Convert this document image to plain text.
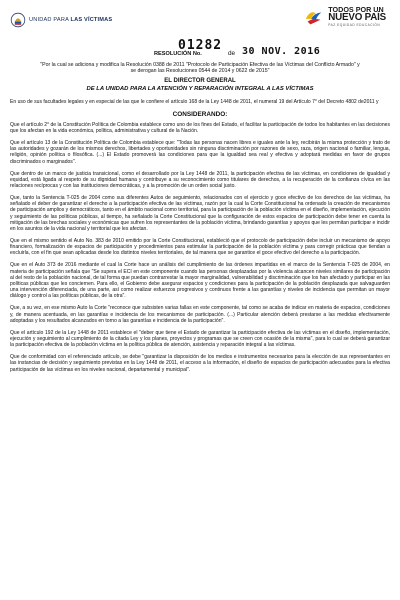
UNIDAD PARA LAS VÍCTIMAS
TODOS POR UN
NUEVO PAÍS
PAZ EQUIDAD EDUCACIÓN
01282
RESOLUCIÓN No.	de 30 NOV. 2016

"Por la cual se adiciona y modifica la Resolución 0388 de 2011 "Protocolo de Participación Efectiva de las Víctimas del Conflicto Armado" y se derogan las Resoluciones 0544 de 2014 y 0622 de 2015"

EL DIRECTOR GENERAL
DE LA UNIDAD PARA LA ATENCIÓN Y REPARACIÓN INTEGRAL A LAS VÍCTIMAS

En uso de sus facultades legales y en especial de las que le confiere el artículo 168 de la Ley 1448 de 2011, el numeral 19 del Artículo 7° del Decreto 4802 de2011 y

CONSIDERANDO:

Que el artículo 2° de la Constitución Política de Colombia establece como uno de los fines del Estado, el facilitar la participación de todos los habitantes en las decisiones que los afectan en la vida económica, política, administrativa y cultural de la Nación.

Que el artículo 13 de la Constitución Política de Colombia establece que: "Todas las personas nacen libres e iguales ante la ley, recibirán la misma protección y trato de las autoridades y gozarán de los mismos derechos, libertades y oportunidades sin ninguna discriminación por razones de sexo, raza, origen nacional o familiar, lengua, religión, opinión política o filosófica. (...) El Estado promoverá las condiciones para que la igualdad sea real y efectiva y adoptará medidas en favor de grupos discriminados o marginados".

Que dentro de un marco de justicia transicional, como el desarrollado por la Ley 1448 de 2011, la participación efectiva de las víctimas, en condiciones de igualdad y equidad, está ligada al respeto de su dignidad humana y contribuye a su reconocimiento como titulares de derechos, a la recuperación de la confianza cívica en las relaciones recíprocas y con las instituciones democráticas, y a la promoción de un orden social justo.

Que, tanto la Sentencia T-025 de 2004 como sus diferentes Autos de seguimiento, relacionados con el ejercicio y goce efectivo de los derechos de las víctimas, ha señalado el deber de garantizar el derecho a la participación efectiva de las víctimas, razón por la cual la Corte Constitucional ha ordenado la creación de mecanismos de participación amplios y democráticos, tanto en el ámbito nacional como territorial, para la participación de la población víctima en el diseño, implementación, ejecución y seguimiento de las políticas públicas, al tiempo, ha señalado la Corte Constitucional que la configuración de estos espacios de participación debe tener en cuenta la mitigación de las brechas sociales y económicas que sufren los representantes de la población víctima, brindando garantías y apoyos que les permitan participar e incidir en los asuntos de la vida nacional y territorial que les afectan.

Que en el mismo sentido el Auto No. 383 de 2010 emitido por la Corte Constitucional, estableció que el protocolo de participación debe incluir un mecanismo de apoyo financiero, formalización de espacios de participación y procedimientos para estimular la participación de la población víctima y para corregir prácticas que tiendan a excluirla, con el fin que sean aplicadas desde los distintos niveles territoriales, de tal manera que se garantice el goce efectivo del derecho a la participación.

Que en el Auto 373 de 2016 mediante el cual la Corte hace un análisis del cumplimiento de las órdenes impartidas en el marco de la Sentencia T-025 de 2004, en materia de participación señala que "Se supera el ECI en este componente cuando las personas desplazadas por la violencia alcancen niveles similares de participación al del resto de la población nacional, de tal forma que puedan contrarrestar la mayor marginalidad, vulnerabilidad y discriminación que los han afectado y participar en las políticas públicas que les conciernen. Para ello, el Gobierno debe asegurar espacios y condiciones para la participación de la población desplazada que salvaguarden una intervención diferenciada, de una parte, así como realizar esfuerzos progresivos y continuos frente a las garantías y niveles de incidencia que permitan un mayor diálogo y control a las políticas públicas, de la otra".

Que, a su vez, en ese mismo Auto la Corte "reconoce que subsisten varias fallas en este componente, tal como se acaba de indicar en materia de espacios, condiciones y, de manera acentuada, en las garantías e incidencia de los mecanismos de participación. (...) Particular atención deberá prestarse a las medidas efectivamente adoptadas y los resultados alcanzados en torno a las garantías e incidencia de la participación".

Que el artículo 192 de la Ley 1448 de 2011 establece el "deber que tiene el Estado de garantizar la participación efectiva de las víctimas en el diseño, implementación, ejecución y seguimiento al cumplimiento de la citada Ley y los planes, proyectos y programas que se creen con ocasión de la misma", para lo cual se deberá garantizar la participación efectiva de la población víctima en la política pública de atención, asistencia y reparación integral a las víctimas.

Que de conformidad con el referenciado artículo, se debe "garantizar la disposición de los medios e instrumentos necesarios para la elección de sus representantes en las instancias de decisión y seguimiento previstas en la Ley 1448 de 2011, el acceso a la información, el diseño de espacios de participación adecuados para la efectiva participación de las víctimas en los niveles nacional, departamental y municipal".
